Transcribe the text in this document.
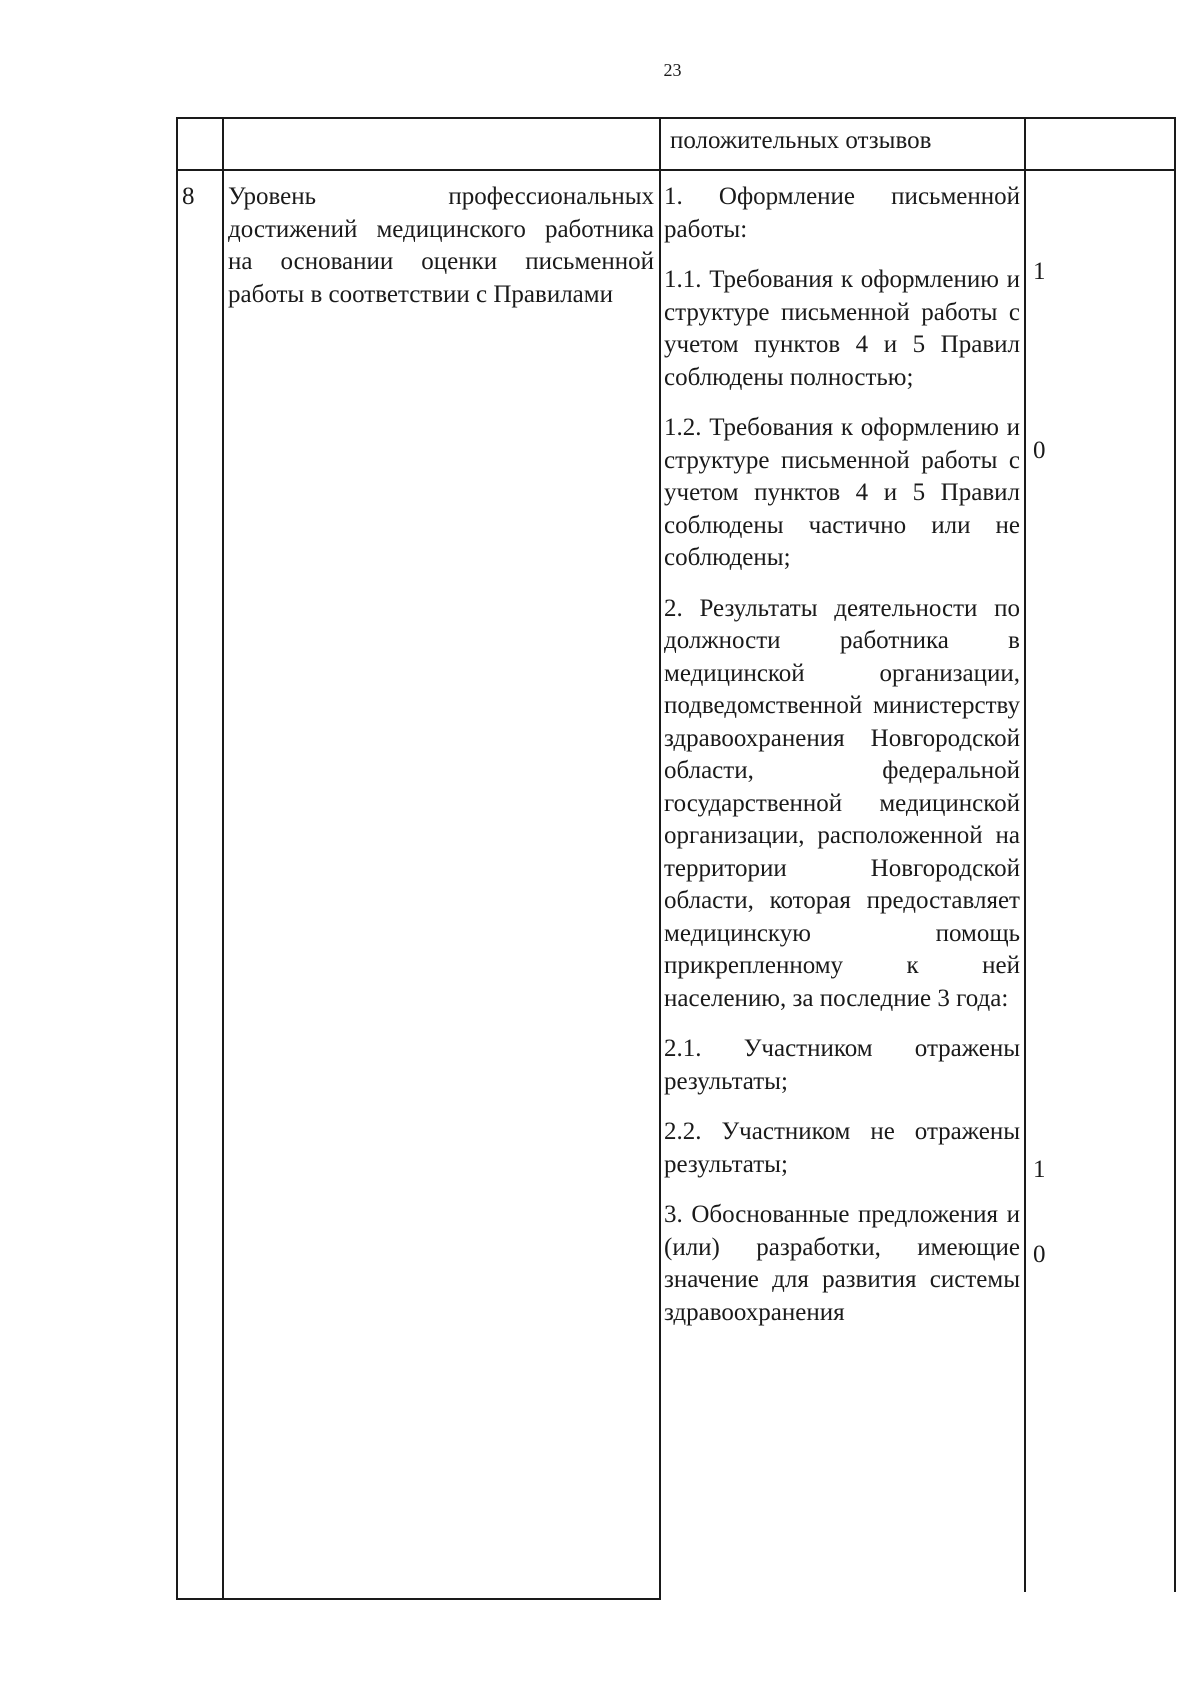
23
положительных отзывов
8	Уровень профессиональных достижений медицинского работника на основании оценки письменной работы в соответствии с Правилами

1. Оформление письменной работы:

1.1. Требования к оформлению и структуре письменной работы с учетом пунктов 4 и 5 Правил соблюдены полностью;

1.2. Требования к оформлению и структуре письменной работы с учетом пунктов 4 и 5 Правил соблюдены частично или не соблюдены;

2. Результаты деятельности по должности работника в медицинской организации, подведомственной министерству здравоохранения Новгородской области, федеральной государственной медицинской организации, расположенной на территории Новгородской области, которая предоставляет медицинскую помощь прикрепленному к ней населению, за последние 3 года:

2.1. Участником отражены результаты;

2.2. Участником не отражены результаты;

3. Обоснованные предложения и (или) разработки, имеющие значение для развития системы здравоохранения

1
0
1
0
